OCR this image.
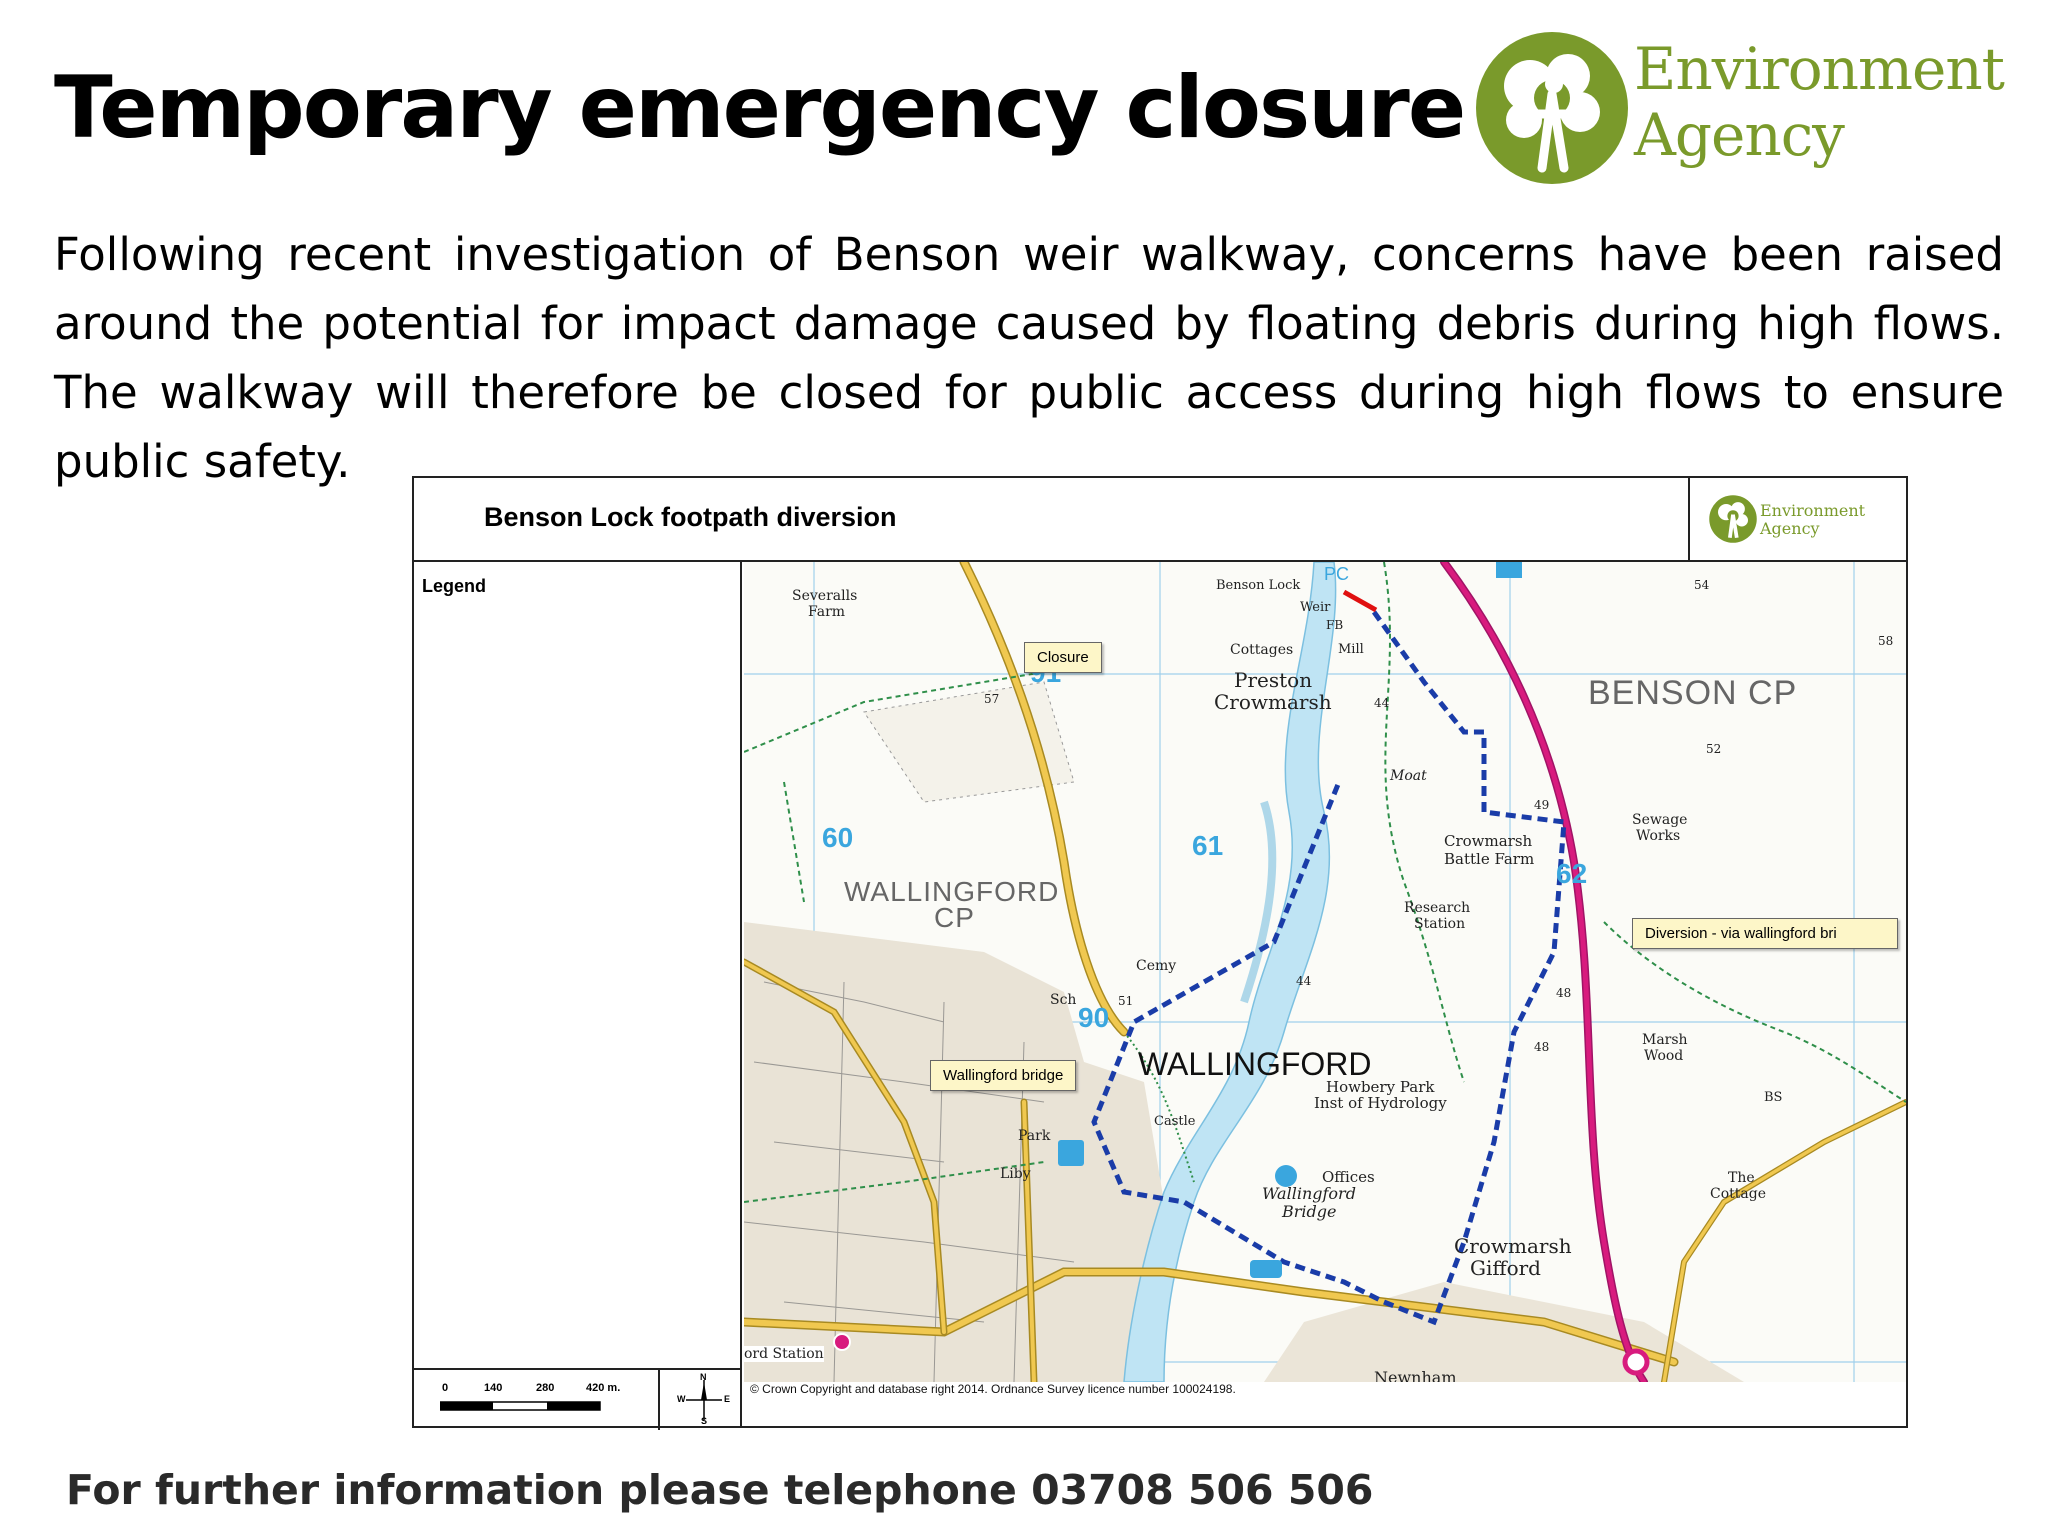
Temporary emergency closure	Environment
Agency

Following recent investigation of Benson weir walkway, concerns have been raised around the potential for impact damage caused by floating debris during high flows. The walkway will therefore be closed for public access during high flows to ensure public safety.

Benson Lock footpath diversion	Environment
Agency
Legend
0	140	280	420 m.
N
S
E
W
60	61
62
90
BENSON CP
WALLINGFORD
CP
WALLINGFORD
Severalls
Farm
Benson Lock
Weir
FB
Mill
Cottages
Preston
Crowmarsh
Moat
Crowmarsh
Battle Farm
Research
Station
Sewage
Works
Howbery Park
Inst of Hydrology
Cemy
Sch
Park
Liby
Castle
Offices
Wallingford
Bridge
Crowmarsh
Gifford
Marsh
Wood
The
Cottage
ord Station
Newnham
PC
BS
57
54
58
52
49
44
48
48
44
51
Closure
Diversion - via wallingford bri
Wallingford bridge
© Crown Copyright and database right 2014. Ordnance Survey licence number 100024198.
For further information please telephone 03708 506 506
